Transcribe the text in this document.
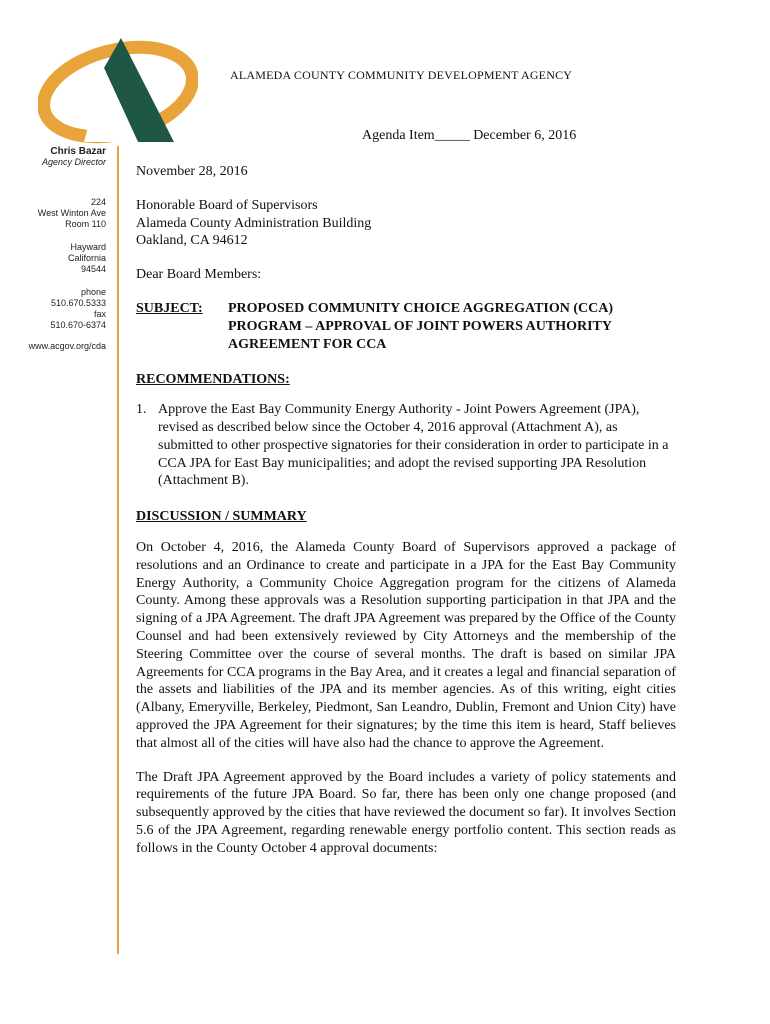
ALAMEDA COUNTY COMMUNITY DEVELOPMENT AGENCY
Agenda Item_____ December 6, 2016
Chris Bazar
Agency Director
224
West Winton Ave
Room 110
Hayward
California
94544
phone
510.670.5333
fax
510.670-6374
www.acgov.org/cda

November 28, 2016

Honorable Board of Supervisors

Alameda County Administration Building

Oakland, CA 94612

Dear Board Members:

SUBJECT:	PROPOSED COMMUNITY CHOICE AGGREGATION (CCA) PROGRAM – APPROVAL OF JOINT POWERS AUTHORITY AGREEMENT FOR CCA

RECOMMENDATIONS:

1. Approve the East Bay Community Energy Authority - Joint Powers Agreement (JPA), revised as described below since the October 4, 2016 approval (Attachment A), as submitted to other prospective signatories for their consideration in order to participate in a CCA JPA for East Bay municipalities; and adopt the revised supporting JPA Resolution (Attachment B).

DISCUSSION / SUMMARY

On October 4, 2016, the Alameda County Board of Supervisors approved a package of resolutions and an Ordinance to create and participate in a JPA for the East Bay Community Energy Authority, a Community Choice Aggregation program for the citizens of Alameda County. Among these approvals was a Resolution supporting participation in that JPA and the signing of a JPA Agreement. The draft JPA Agreement was prepared by the Office of the County Counsel and had been extensively reviewed by City Attorneys and the membership of the Steering Committee over the course of several months. The draft is based on similar JPA Agreements for CCA programs in the Bay Area, and it creates a legal and financial separation of the assets and liabilities of the JPA and its member agencies. As of this writing, eight cities (Albany, Emeryville, Berkeley, Piedmont, San Leandro, Dublin, Fremont and Union City) have approved the JPA Agreement for their signatures; by the time this item is heard, Staff believes that almost all of the cities will have also had the chance to approve the Agreement.

The Draft JPA Agreement approved by the Board includes a variety of policy statements and requirements of the future JPA Board. So far, there has been only one change proposed (and subsequently approved by the cities that have reviewed the document so far). It involves Section 5.6 of the JPA Agreement, regarding renewable energy portfolio content. This section reads as follows in the County October 4 approval documents:
